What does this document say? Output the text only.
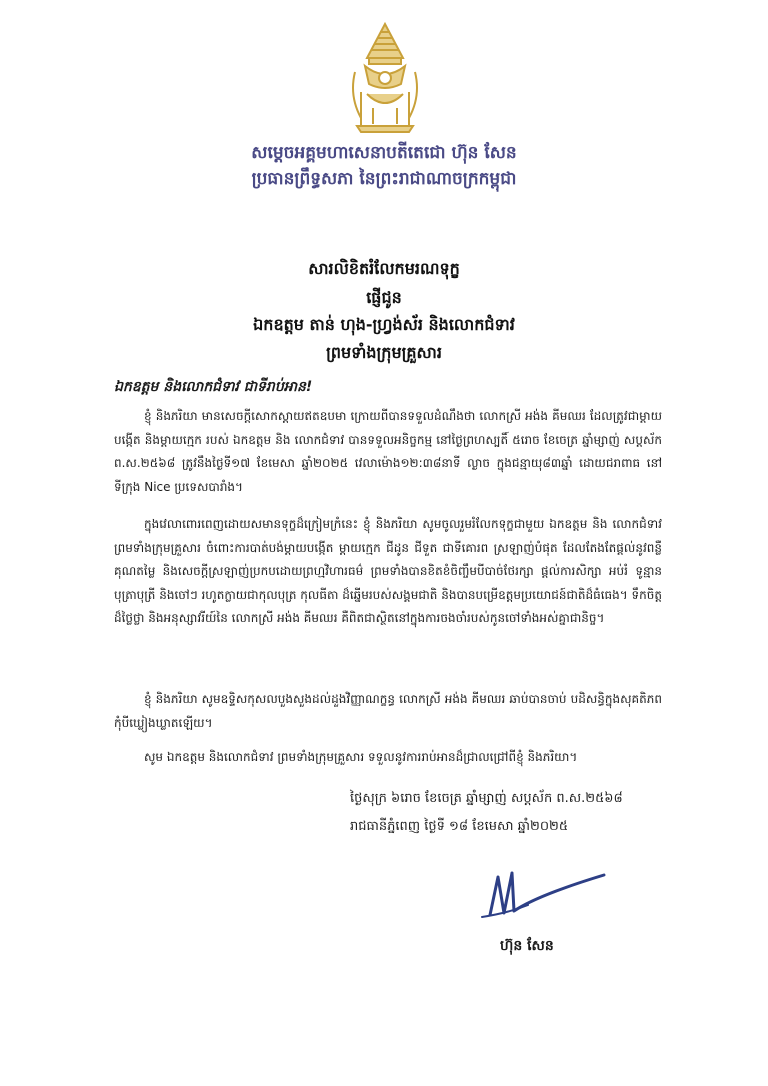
សម្ដេចអគ្គមហាសេនាបតីតេជោ ហ៊ុន សែន
ប្រធានព្រឹទ្ធសភា នៃព្រះរាជាណាចក្រកម្ពុជា
សារលិខិតរំលែកមរណទុក្ខ
ផ្ញើជូន
ឯកឧត្តម តាន់ ហុង-ហ្វ្រង់ស័រ និងលោកជំទាវ
ព្រមទាំងក្រុមគ្រួសារ
ឯកឧត្តម និងលោកជំទាវ ជាទីរាប់អាន!
ខ្ញុំ និងភរិយា មានសេចក្ដីសោកស្ដាយឥតឧបមា ក្រោយពីបានទទួលដំណឹងថា លោកស្រី អង់ង គីមឈរ ដែលត្រូវជាម្ដាយបង្កើត និងម្ដាយក្មេក របស់ ឯកឧត្តម និង លោកជំទាវ បានទទួលអនិច្ចកម្ម នៅថ្ងៃព្រហស្បតិ៍ ៥រោច ខែចេត្រ ឆ្នាំម្សាញ់ សប្តស័ក ព.ស.២៥៦៨ ត្រូវនឹងថ្ងៃទី១៧ ខែមេសា ឆ្នាំ២០២៥ វេលាម៉ោង១២:៣៨នាទី ល្ងាច ក្នុងជន្មាយុ៨៣ឆ្នាំ ដោយជរាពាធ នៅទីក្រុង Nice ប្រទេសបារាំង។
ក្នុងវេលាពោរពេញដោយសមានទុក្ខដ៏ក្រៀមក្រំនេះ ខ្ញុំ និងភរិយា សូមចូលរួមរំលែកទុក្ខជាមួយ ឯកឧត្តម និង លោកជំទាវ ព្រមទាំងក្រុមគ្រួសារ ចំពោះការបាត់បង់ម្ដាយបង្កើត ម្ដាយក្មេក ជីដូន ជីទួត ជាទីគោរព ស្រឡាញ់បំផុត ដែលតែងតែផ្ដល់នូវពន្លឺ គុណតម្លៃ និងសេចក្ដីស្រឡាញ់ប្រកបដោយព្រហ្មវិហារធម៌ ព្រមទាំងបានខិតខំចិញ្ចឹមបីបាច់ថែរក្សា ផ្ដល់ការសិក្សា អប់រំ ទូន្មានបុត្រាបុត្រី និងចៅៗ រហូតក្លាយជាកុលបុត្រ កុលធីតា ដ៏ឆ្នើមរបស់សង្គមជាតិ និងបានបម្រើឧត្តមប្រយោជន៍ជាតិដ៏ធំធេង។ ទឹកចិត្តដ៏ថ្លៃថ្លា និងអនុស្សាវរីយ៍នៃ លោកស្រី អង់ង គីមឈរ គឺពិតជាស្ថិតនៅក្នុងការចងចាំរបស់កូនចៅទាំងអស់គ្នាជានិច្ច។
ខ្ញុំ និងភរិយា សូមឧទ្ទិសកុសលបួងសួងដល់ដួងវិញ្ញាណក្ខន្ធ លោកស្រី អង់ង គីមឈរ ឆាប់បានចាប់ បដិសន្ធិក្នុងសុគតិភពកុំបីឃ្លៀងឃ្លាតឡើយ។
សូម ឯកឧត្តម និងលោកជំទាវ ព្រមទាំងក្រុមគ្រួសារ ទទួលនូវការរាប់អានដ៏ជ្រាលជ្រៅពីខ្ញុំ និងភរិយា។
ថ្ងៃសុក្រ ៦រោច ខែចេត្រ ឆ្នាំម្សាញ់ សប្តស័ក ព.ស.២៥៦៨
រាជធានីភ្នំពេញ ថ្ងៃទី ១៨ ខែមេសា ឆ្នាំ២០២៥
ហ៊ុន សែន
